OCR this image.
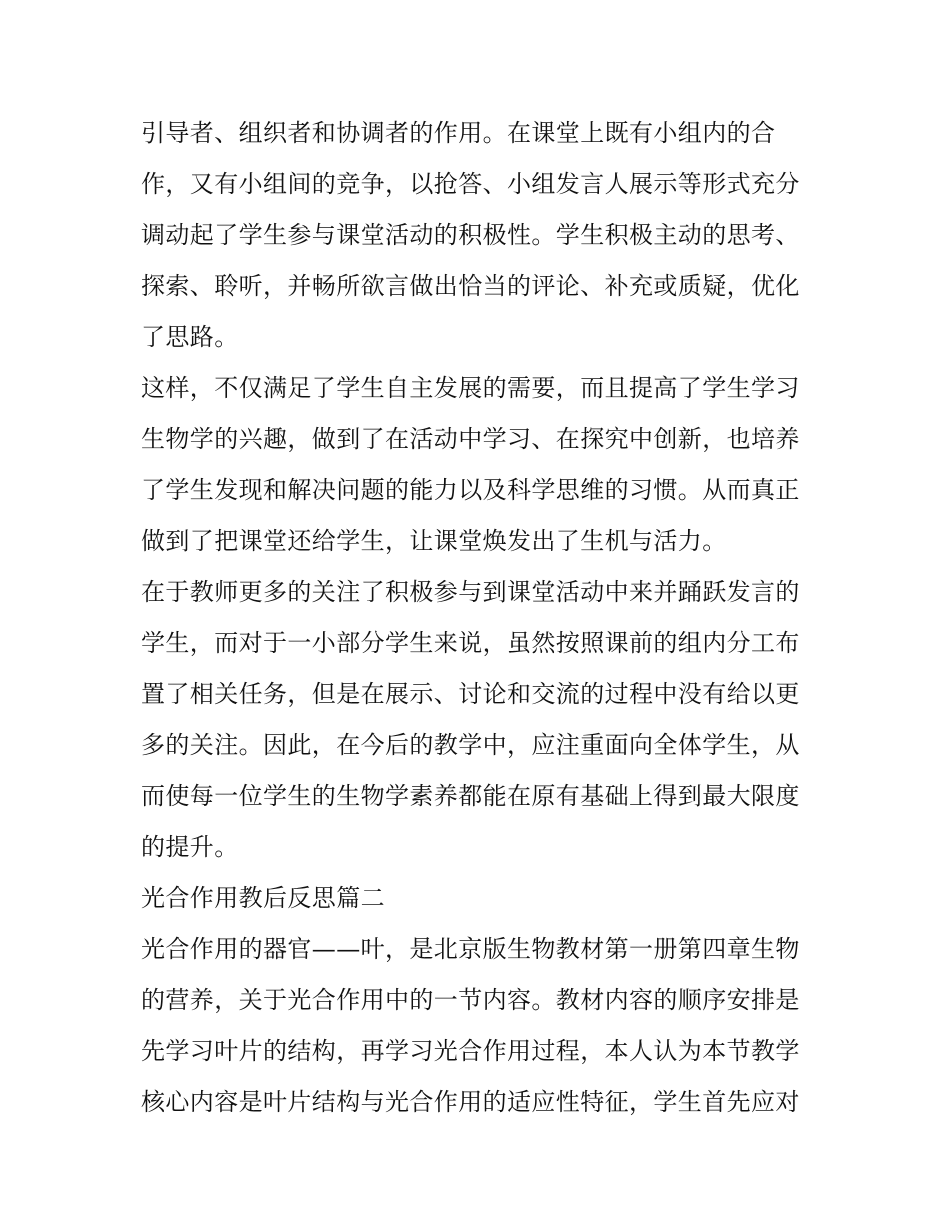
引导者、组织者和协调者的作用。在课堂上既有小组内的合
作，又有小组间的竞争，以抢答、小组发言人展示等形式充分
调动起了学生参与课堂活动的积极性。学生积极主动的思考、
探索、聆听，并畅所欲言做出恰当的评论、补充或质疑，优化
了思路。
这样，不仅满足了学生自主发展的需要，而且提高了学生学习
生物学的兴趣，做到了在活动中学习、在探究中创新，也培养
了学生发现和解决问题的能力以及科学思维的习惯。从而真正
做到了把课堂还给学生，让课堂焕发出了生机与活力。
在于教师更多的关注了积极参与到课堂活动中来并踊跃发言的
学生，而对于一小部分学生来说，虽然按照课前的组内分工布
置了相关任务，但是在展示、讨论和交流的过程中没有给以更
多的关注。因此，在今后的教学中，应注重面向全体学生，从
而使每一位学生的生物学素养都能在原有基础上得到最大限度
的提升。
光合作用教后反思篇二
光合作用的器官——叶，是北京版生物教材第一册第四章生物
的营养，关于光合作用中的一节内容。教材内容的顺序安排是
先学习叶片的结构，再学习光合作用过程，本人认为本节教学
核心内容是叶片结构与光合作用的适应性特征，学生首先应对
